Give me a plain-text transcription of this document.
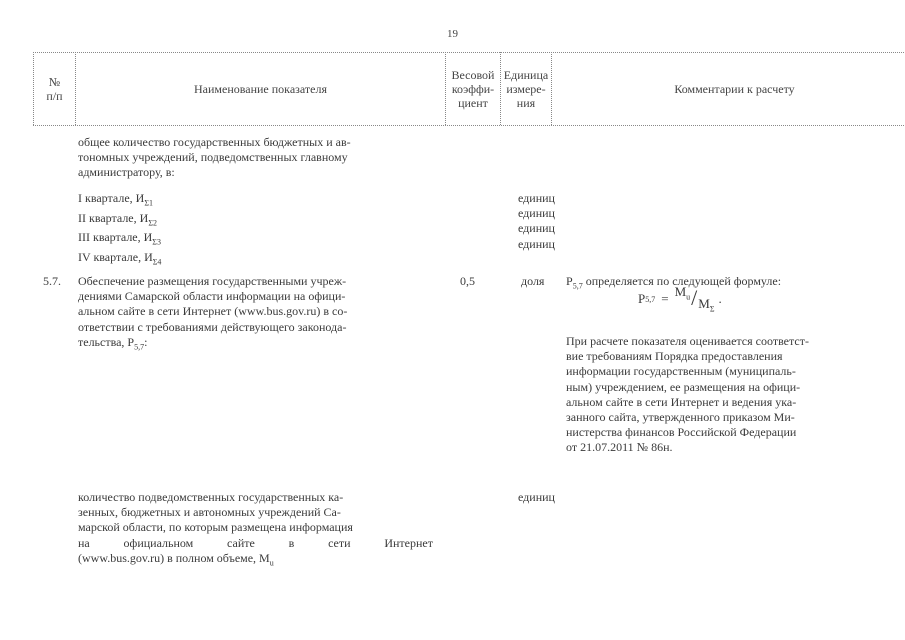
19
№
п/п	Наименование показателя
Весовой
коэффи-
циент
Единица
измере-
ния
Комментарии к расчету
общее количество государственных бюджетных и ав-
тономных учреждений, подведомственных главному
администратору, в:
I квартале, $И_{\Sigma 1}$
II квартале, $И_{\Sigma 2}$
III квартале, $И_{\Sigma 3}$
IV квартале, $И_{\Sigma 4}$
единиц
единиц
единиц
единиц
5.7. Обеспечение размещения государственными учреж-
дениями Самарской области информации на офици-
альном сайте в сети Интернет (www.bus.gov.ru) в со-
ответствии с требованиями действующего законода-
тельства, $Р_{5,7}$:
0,5	доля $Р_{5,7}$ определяется по следующей формуле:
Р $5,7 = М_u / М_\Sigma$
.
При расчете показателя оценивается соответст-
вие требованиям Порядка предоставления
информации государственным (муниципаль-
ным) учреждением, ее размещения на офици-
альном сайте в сети Интернет и ведения ука-
занного сайта, утвержденного приказом Ми-
нистерства финансов Российской Федерации
от 21.07.2011 № 86н.
количество подведомственных государственных ка-
зенных, бюджетных и автономных учреждений Са-
марской области, по которым размещена информация
на официальном сайте в сети Интернет
(www.bus.gov.ru) в полном объеме, $М_u$
единиц
